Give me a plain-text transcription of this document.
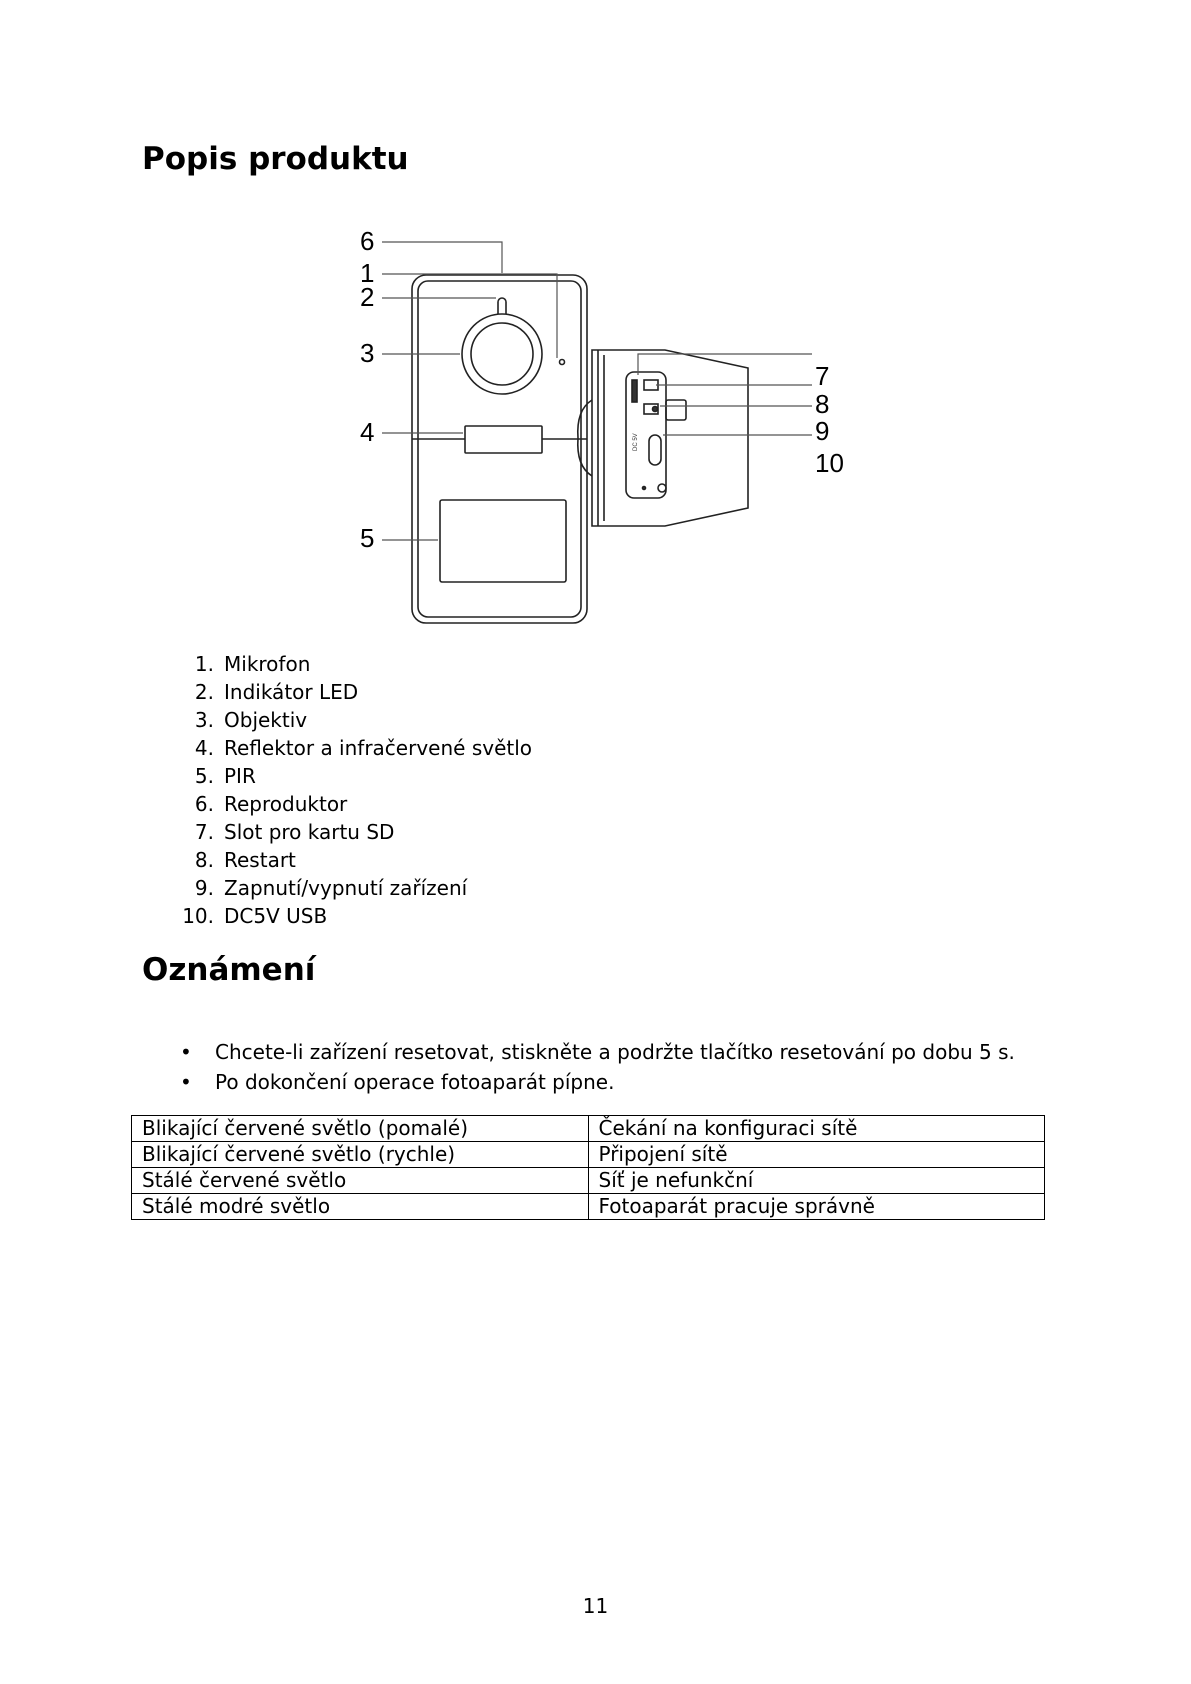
Popis produktu
6
1
2
3
4
5
7
8
9
10
DC 5V
1. Mikrofon
2. Indikátor LED
3. Objektiv
4. Reflektor a infračervené světlo
5. PIR
6. Reproduktor
7. Slot pro kartu SD
8. Restart
9. Zapnutí/vypnutí zařízení
10. DC5V USB
Oznámení
•	Chcete-li zařízení resetovat, stiskněte a podržte tlačítko resetování po dobu 5 s.
•	Po dokončení operace fotoaparát pípne.
Blikající červené světlo (pomalé)	Čekání na konfiguraci sítě
Blikající červené světlo (rychle)	Připojení sítě
Stálé červené světlo	Síť je nefunkční
Stálé modré světlo	Fotoaparát pracuje správně
11
